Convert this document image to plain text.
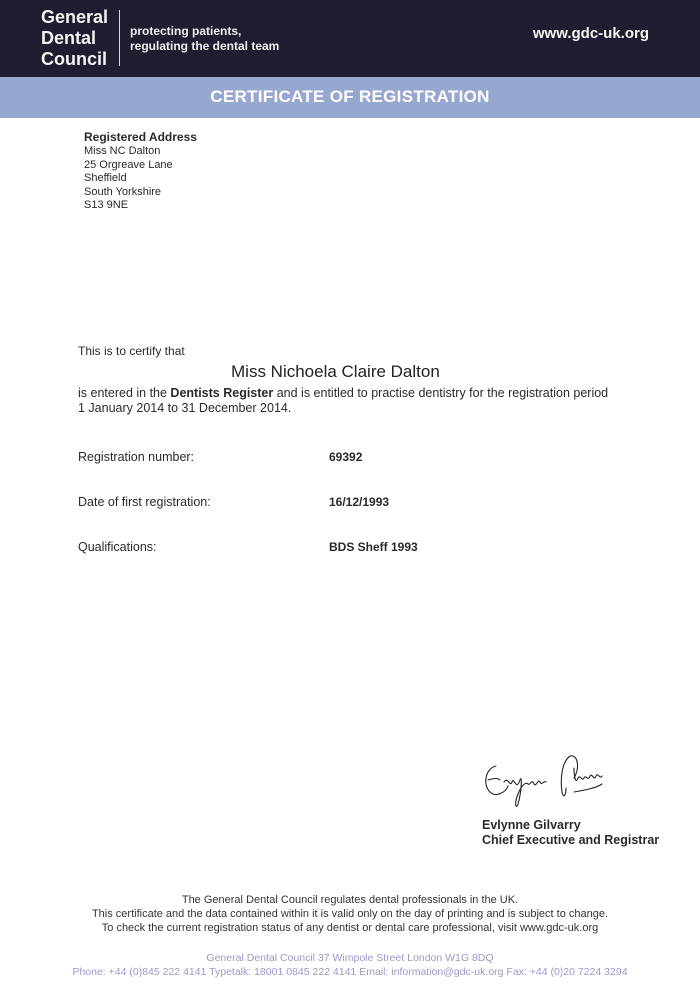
General
Dental
Council
protecting patients,
regulating the dental team
www.gdc-uk.org
CERTIFICATE OF REGISTRATION
Registered Address
Miss NC Dalton
25 Orgreave Lane
Sheffield
South Yorkshire
S13 9NE
This is to certify that
Miss Nichoela Claire Dalton
is entered in the Dentists Register and is entitled to practise dentistry for the registration period 1 January 2014 to 31 December 2014.
Registration number:	69392
Date of first registration:	16/12/1993
Qualifications:	BDS Sheff 1993
Evlynne Gilvarry
Chief Executive and Registrar
The General Dental Council regulates dental professionals in the UK.
This certificate and the data contained within it is valid only on the day of printing and is subject to change.
To check the current registration status of any dentist or dental care professional, visit www.gdc-uk.org
General Dental Council 37 Wimpole Street London W1G 8DQ
Phone: +44 (0)845 222 4141 Typetalk: 18001 0845 222 4141 Email: information@gdc-uk.org Fax: +44 (0)20 7224 3294
